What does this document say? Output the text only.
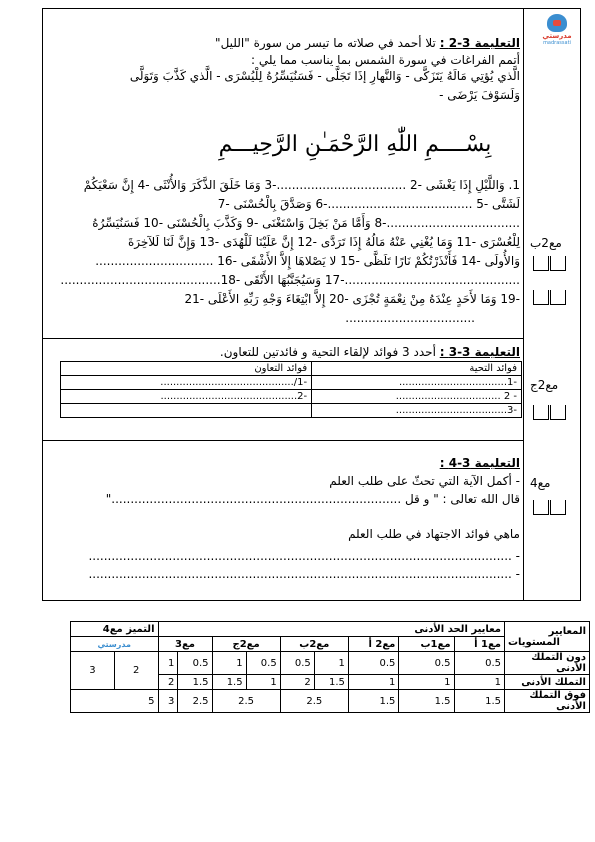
مدرستي
madrassati
التعليمة 3-2 : تلا أحمد في صلاته ما تيسر من سورة "الليل"
أتمم الفراغات في سورة الشمس بما يناسب مما يلي :
الَّذي يُؤتِي مَالَهُ يَتَزَكَّى - وَالنَّهارِ إذَا تَجَلَّى - فَسَنُيَسِّرُهُ لِلْيُسْرَى - الَّذي كَذَّبَ وَتَوَلَّى
وَلَسَوْفَ يَرْضَى -
بِسْــــمِ اللّٰهِ الرَّحْمَـٰنِ الرَّحِيـــمِ
1. وَاللَّيْلِ إِذَا يَغْشَى -2 ..................................-3 وَمَا خَلَقَ الذَّكَرَ وَالأُنْثَى -4 إِنَّ سَعْيَكُمْ
لَشَتَّى -5 ......................................-6 وَصَدَّقَ بِالْحُسْنَى -7
...................................-8 وَأَمَّا مَنْ بَخِلَ وَاسْتَغْنَى -9 وَكَذَّبَ بِالْحُسْنَى -10 فَسَنُيَسِّرُهُ
لِلْعُسْرَى -11 وَمَا يُغْنِي عَنْهُ مَالُهُ إِذَا تَرَدَّى -12 إِنَّ عَلَيْنَا لَلْهُدَى -13 وَإِنَّ لَنَا لَلآخِرَةَ
وَالأُولَى -14 فَأَنْذَرْتُكُمْ نَارًا تَلَظَّى -15 لا يَصْلاهَا إِلاَّ الأَشْقَى -16 ...............................
..............................................-17 وَسَيُجَنَّبُهَا الأَتْقَى -18..........................................
-19 وَمَا لأَحَدٍ عِنْدَهُ مِنْ نِعْمَةٍ تُجْزَى -20 إِلاَّ ابْتِغَاءَ وَجْهِ رَبِّهِ الأَعْلَى -21
..................................
مع2ب
التعليمة 3-3 : أحدد 3 فوائد لإلقاء التحية و فائدتين للتعاون.
فوائد التحية	فوائد التعاون
-1..................................	-1/..........................................
- 2 .................................	-2...........................................
-3...................................	
مع2ج
التعليمة 3-4 :
- أكمل الآية التي تحثّ على طلب العلم
قال الله تعالى : " و قل ............................................................................"
ماهي فوائد الاجتهاد في طلب العلم
- ...............................................................................................................
- ...............................................................................................................
مع4
المعايير
المستويات	معايير الحد الأدنى									التميز مع4	
	مع1 أ	مع1ب	مع2 أ	مع2ب		مع2ج		مع3		مدرستي	
دون التملك الأدنى	0.5	0.5	0.5	1	0.5	0.5	1	0.5	1	2	3
التملك الأدنى	1	1	1	1.5	2	1	1.5	1.5	2		
فوق التملك الأدنى	1.5	1.5	1.5	2.5		2.5		2.5	3	5	
